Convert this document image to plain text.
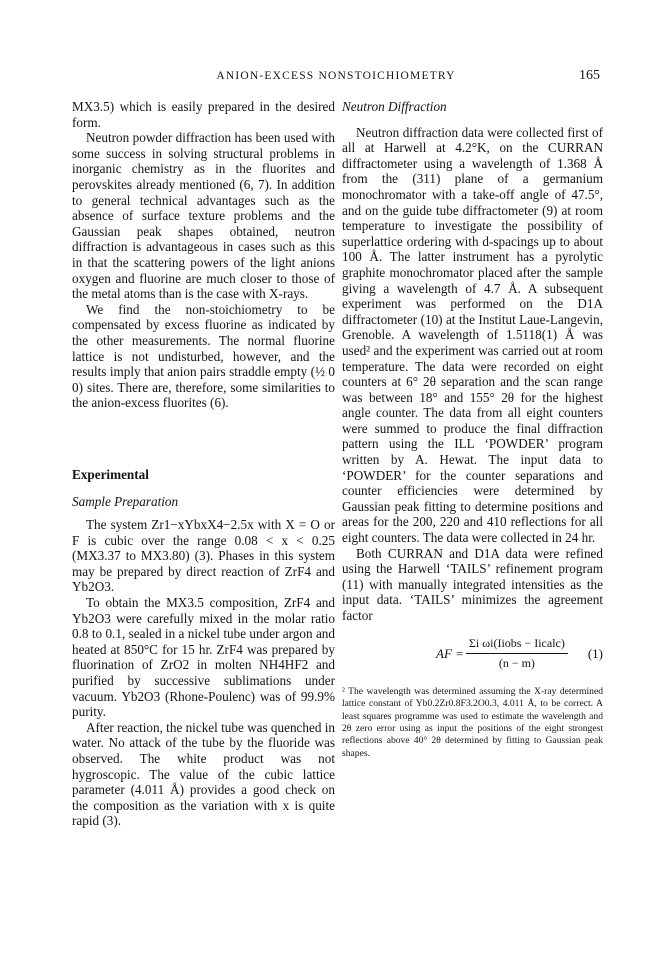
ANION-EXCESS NONSTOICHIOMETRY	165

MX3.5) which is easily prepared in the desired form.

Neutron powder diffraction has been used with some success in solving structural problems in inorganic chemistry as in the fluorites and perovskites already mentioned (6, 7). In addition to general technical advantages such as the absence of surface texture problems and the Gaussian peak shapes obtained, neutron diffraction is advantageous in cases such as this in that the scattering powers of the light anions oxygen and fluorine are much closer to those of the metal atoms than is the case with X-rays.

We find the non-stoichiometry to be compensated by excess fluorine as indicated by the other measurements. The normal fluorine lattice is not undisturbed, however, and the results imply that anion pairs straddle empty (½ 0 0) sites. There are, therefore, some similarities to the anion-excess fluorites (6).

Experimental
Sample Preparation

The system Zr1−xYbxX4−2.5x with X = O or F is cubic over the range 0.08 < x < 0.25 (MX3.37 to MX3.80) (3). Phases in this system may be prepared by direct reaction of ZrF4 and Yb2O3.

To obtain the MX3.5 composition, ZrF4 and Yb2O3 were carefully mixed in the molar ratio 0.8 to 0.1, sealed in a nickel tube under argon and heated at 850°C for 15 hr. ZrF4 was prepared by fluorination of ZrO2 in molten NH4HF2 and purified by successive sublimations under vacuum. Yb2O3 (Rhone-Poulenc) was of 99.9% purity.

After reaction, the nickel tube was quenched in water. No attack of the tube by the fluoride was observed. The white product was not hygroscopic. The value of the cubic lattice parameter (4.011 Å) provides a good check on the composition as the variation with x is quite rapid (3).

Neutron Diffraction

Neutron diffraction data were collected first of all at Harwell at 4.2°K, on the CURRAN diffractometer using a wavelength of 1.368 Å from the (311) plane of a germanium monochromator with a take-off angle of 47.5°, and on the guide tube diffractometer (9) at room temperature to investigate the possibility of superlattice ordering with d-spacings up to about 100 Å. The latter instrument has a pyrolytic graphite monochromator placed after the sample giving a wavelength of 4.7 Å. A subsequent experiment was performed on the D1A diffractometer (10) at the Institut Laue-Langevin, Grenoble. A wavelength of 1.5118(1) Å was used² and the experiment was carried out at room temperature. The data were recorded on eight counters at 6° 2θ separation and the scan range was between 18° and 155° 2θ for the highest angle counter. The data from all eight counters were summed to produce the final diffraction pattern using the ILL ‘POWDER’ program written by A. Hewat. The input data to ‘POWDER’ for the counter separations and counter efficiencies were determined by Gaussian peak fitting to determine positions and areas for the 200, 220 and 410 reflections for all eight counters. The data were collected in 24 hr.

Both CURRAN and D1A data were refined using the Harwell ‘TAILS’ refinement program (11) with manually integrated intensities as the input data. ‘TAILS’ minimizes the agreement factor

AF = $\frac{\text{Σi ωi(Iiobs − Iicalc)}}{(n - m)} (1)$

² The wavelength was determined assuming the X-ray determined lattice constant of Yb0.2Zr0.8F3.2O0.3, 4.011 Å, to be correct. A least squares programme was used to estimate the wavelength and 2θ zero error using as input the positions of the eight strongest reflections above 40° 2θ determined by fitting to Gaussian peak shapes.
